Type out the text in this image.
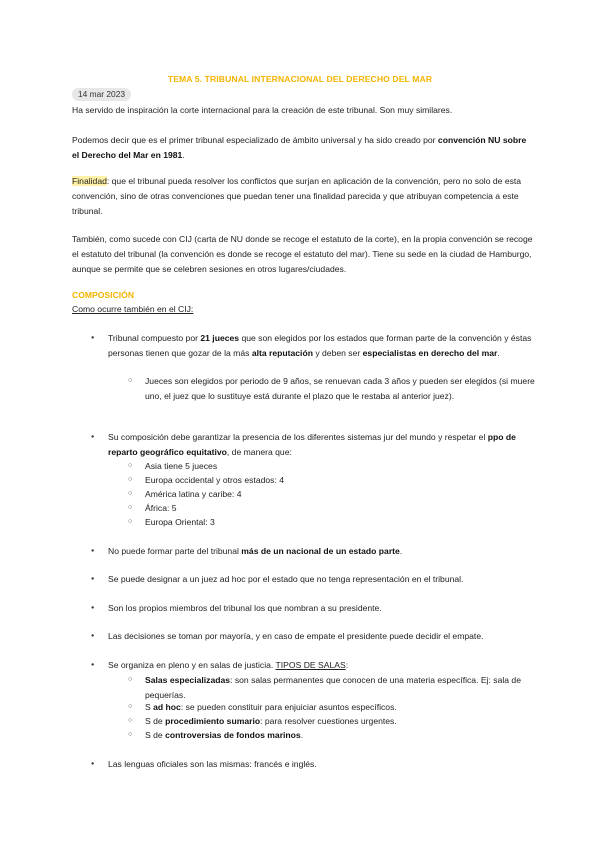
TEMA 5. TRIBUNAL INTERNACIONAL DEL DERECHO DEL MAR
14 mar 2023

Ha servido de inspiración la corte internacional para la creación de este tribunal. Son muy similares.

Podemos decir que es el primer tribunal especializado de ámbito universal y ha sido creado por convención NU sobre el Derecho del Mar en 1981.

Finalidad: que el tribunal pueda resolver los conflictos que surjan en aplicación de la convención, pero no solo de esta convención, sino de otras convenciones que puedan tener una finalidad parecida y que atribuyan competencia a este tribunal.

También, como sucede con CIJ (carta de NU donde se recoge el estatuto de la corte), en la propia convención se recoge el estatuto del tribunal (la convención es donde se recoge el estatuto del mar). Tiene su sede en la ciudad de Hamburgo, aunque se permite que se celebren sesiones en otros lugares/ciudades.

COMPOSICIÓN
Como ocurre también en el CIJ:

● Tribunal compuesto por 21 jueces que son elegidos por los estados que forman parte de la convención y éstas personas tienen que gozar de la más alta reputación y deben ser especialistas en derecho del mar.

○ Jueces son elegidos por periodo de 9 años, se renuevan cada 3 años y pueden ser elegidos (si muere uno, el juez que lo sustituye está durante el plazo que le restaba al anterior juez).

● Su composición debe garantizar la presencia de los diferentes sistemas jur del mundo y respetar el ppo de reparto geográfico equitativo, de manera que:

○ Asia tiene 5 jueces

○ Europa occidental y otros estados: 4

○ América latina y caribe: 4

○ África: 5

○ Europa Oriental: 3

● No puede formar parte del tribunal más de un nacional de un estado parte.

● Se puede designar a un juez ad hoc por el estado que no tenga representación en el tribunal.

● Son los propios miembros del tribunal los que nombran a su presidente.

● Las decisiones se toman por mayoría, y en caso de empate el presidente puede decidir el empate.

● Se organiza en pleno y en salas de justicia. TIPOS DE SALAS:

○ Salas especializadas: son salas permanentes que conocen de una materia específica. Ej: sala de pequerías.

○ S ad hoc: se pueden constituir para enjuiciar asuntos específicos.

○ S de procedimiento sumario: para resolver cuestiones urgentes.

○ S de controversias de fondos marinos.

● Las lenguas oficiales son las mismas: francés e inglés.
